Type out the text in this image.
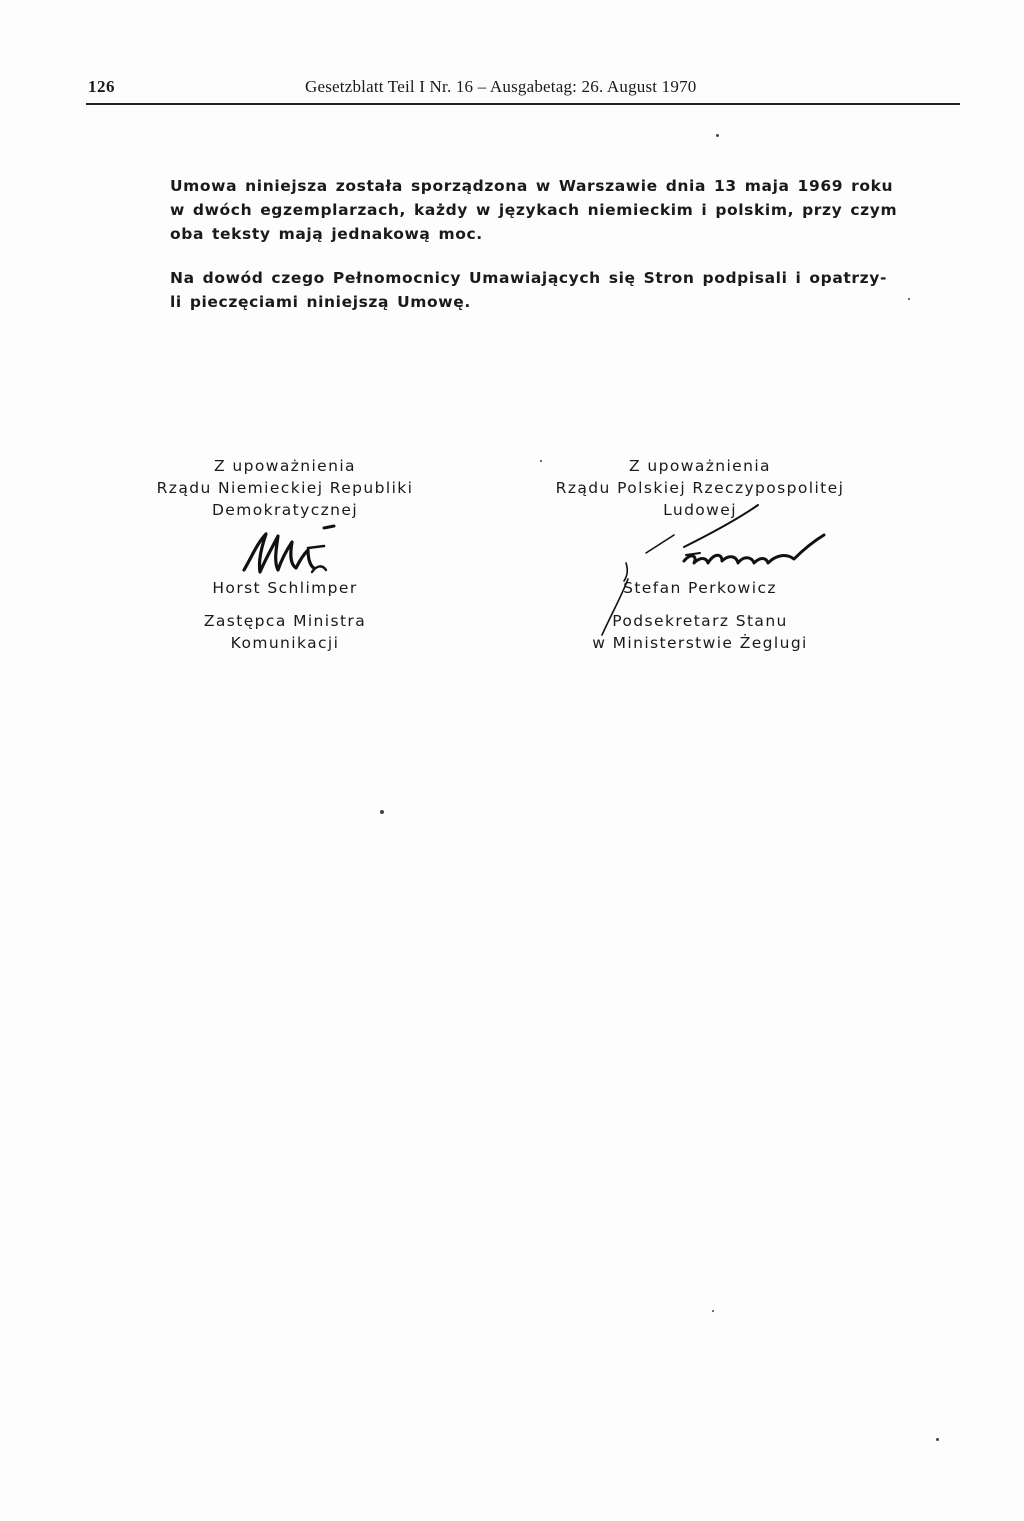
126	Gesetzblatt Teil I Nr. 16 – Ausgabetag: 26. August 1970
Umowa niniejsza została sporządzona w Warszawie dnia 13 maja 1969 roku
w dwóch egzemplarzach, każdy w językach niemieckim i polskim, przy czym
oba teksty mają jednakową moc.
Na dowód czego Pełnomocnicy Umawiających się Stron podpisali i opatrzy-
li pieczęciami niniejszą Umowę.
Z upoważnienia
Rządu Niemieckiej Republiki
Demokratycznej
Horst Schlimper
Zastępca Ministra
Komunikacji
Z upoważnienia
Rządu Polskiej Rzeczypospolitej
Ludowej
Stefan Perkowicz
Podsekretarz Stanu
w Ministerstwie Żeglugi
